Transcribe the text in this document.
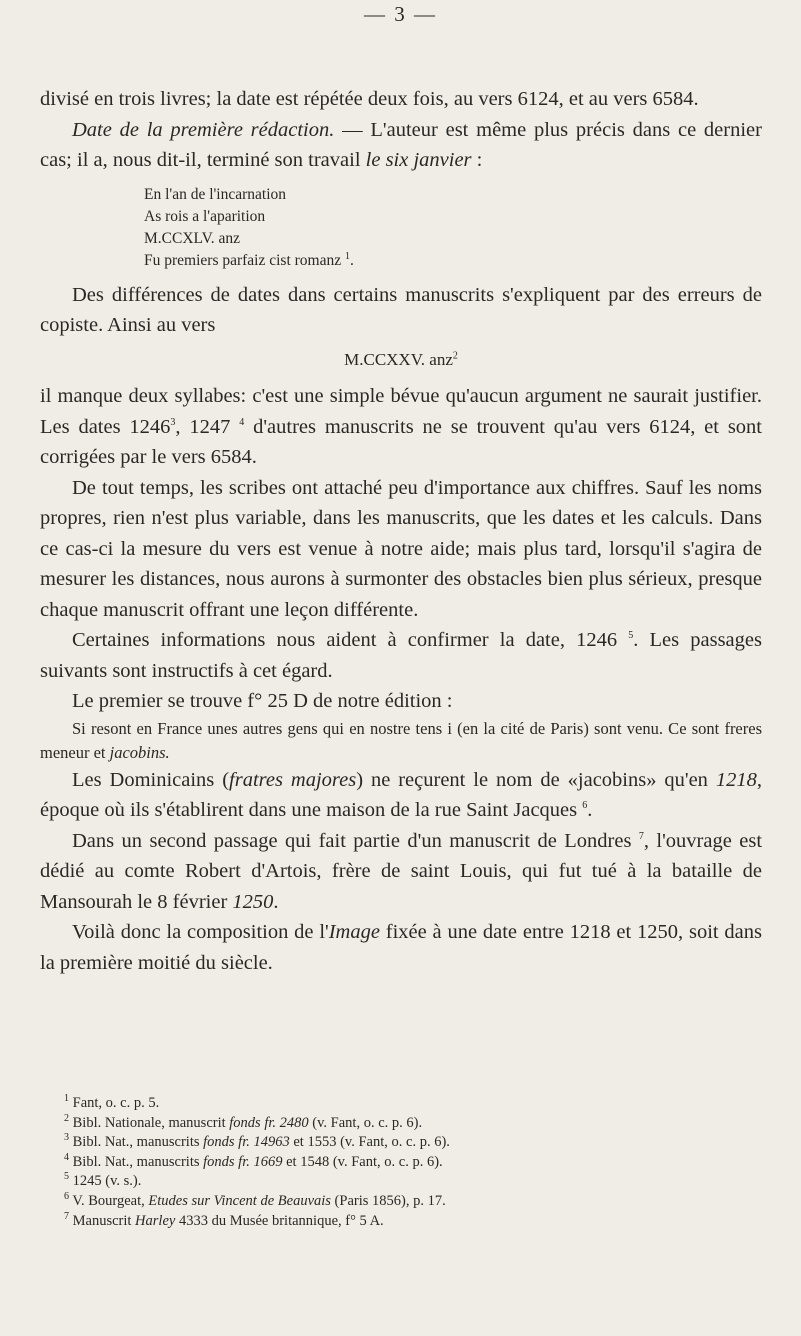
— 3 —

divisé en trois livres; la date est répétée deux fois, au vers 6124, et au vers 6584.

Date de la première rédaction. — L'auteur est même plus précis dans ce dernier cas; il a, nous dit-il, terminé son travail le six janvier :

En l'an de l'incarnation
As rois a l'aparition
M.CCXLV. anz
Fu premiers parfaiz cist romanz $^1$.

Des différences de dates dans certains manuscrits s'expliquent par des erreurs de copiste. Ainsi au vers

M.CCXXV. anz$^2$

il manque deux syllabes: c'est une simple bévue qu'aucun argument ne saurait justifier. Les dates 1246$^3$, 1247 $^4$ d'autres manuscrits ne se trouvent qu'au vers 6124, et sont corrigées par le vers 6584.

De tout temps, les scribes ont attaché peu d'importance aux chiffres. Sauf les noms propres, rien n'est plus variable, dans les manuscrits, que les dates et les calculs. Dans ce cas-ci la mesure du vers est venue à notre aide; mais plus tard, lorsqu'il s'agira de mesurer les distances, nous aurons à surmonter des obstacles bien plus sérieux, presque chaque manuscrit offrant une leçon différente.

Certaines informations nous aident à confirmer la date, 1246 $^5$. Les passages suivants sont instructifs à cet égard.

Le premier se trouve f° 25 D de notre édition :

Si resont en France unes autres gens qui en nostre tens i (en la cité de Paris) sont venu. Ce sont freres meneur et jacobins.

Les Dominicains (fratres majores) ne reçurent le nom de «jacobins» qu'en 1218, époque où ils s'établirent dans une maison de la rue Saint Jacques $^6$.

Dans un second passage qui fait partie d'un manuscrit de Londres $^7$, l'ouvrage est dédié au comte Robert d'Artois, frère de saint Louis, qui fut tué à la bataille de Mansourah le 8 février 1250.

Voilà donc la composition de l'Image fixée à une date entre 1218 et 1250, soit dans la première moitié du siècle.

$^1$ Fant, o. c. p. 5.
$^2$ Bibl. Nationale, manuscrit fonds fr. 2480 (v. Fant, o. c. p. 6).
$^3$ Bibl. Nat., manuscrits fonds fr. 14963 et 1553 (v. Fant, o. c. p. 6).
$^4$ Bibl. Nat., manuscrits fonds fr. 1669 et 1548 (v. Fant, o. c. p. 6).
$^5$ 1245 (v. s.).
$^6$ V. Bourgeat, Etudes sur Vincent de Beauvais (Paris 1856), p. 17.
$^7$ Manuscrit Harley 4333 du Musée britannique, f° 5 A.
